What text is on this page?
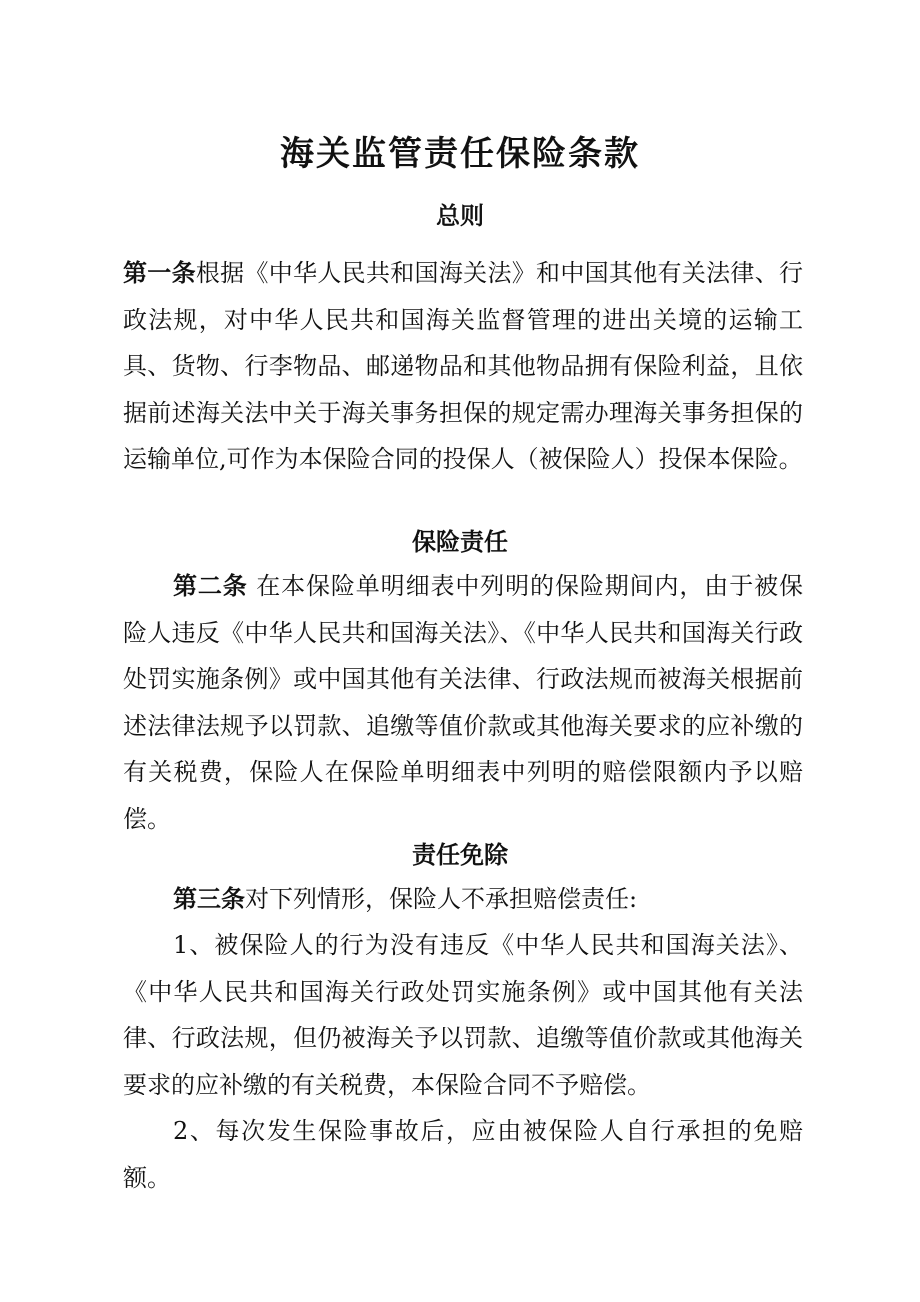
海关监管责任保险条款
总则

第一条根据《中华人民共和国海关法》和中国其他有关法律、行政法规，对中华人民共和国海关监督管理的进出关境的运输工具、货物、行李物品、邮递物品和其他物品拥有保险利益，且依据前述海关法中关于海关事务担保的规定需办理海关事务担保的运输单位,可作为本保险合同的投保人（被保险人）投保本保险。

保险责任

第二条 在本保险单明细表中列明的保险期间内，由于被保险人违反《中华人民共和国海关法》、《中华人民共和国海关行政处罚实施条例》或中国其他有关法律、行政法规而被海关根据前述法律法规予以罚款、追缴等值价款或其他海关要求的应补缴的有关税费，保险人在保险单明细表中列明的赔偿限额内予以赔偿。

责任免除

第三条对下列情形，保险人不承担赔偿责任:

1、被保险人的行为没有违反《中华人民共和国海关法》、《中华人民共和国海关行政处罚实施条例》或中国其他有关法律、行政法规，但仍被海关予以罚款、追缴等值价款或其他海关要求的应补缴的有关税费，本保险合同不予赔偿。

2、每次发生保险事故后，应由被保险人自行承担的免赔额。
